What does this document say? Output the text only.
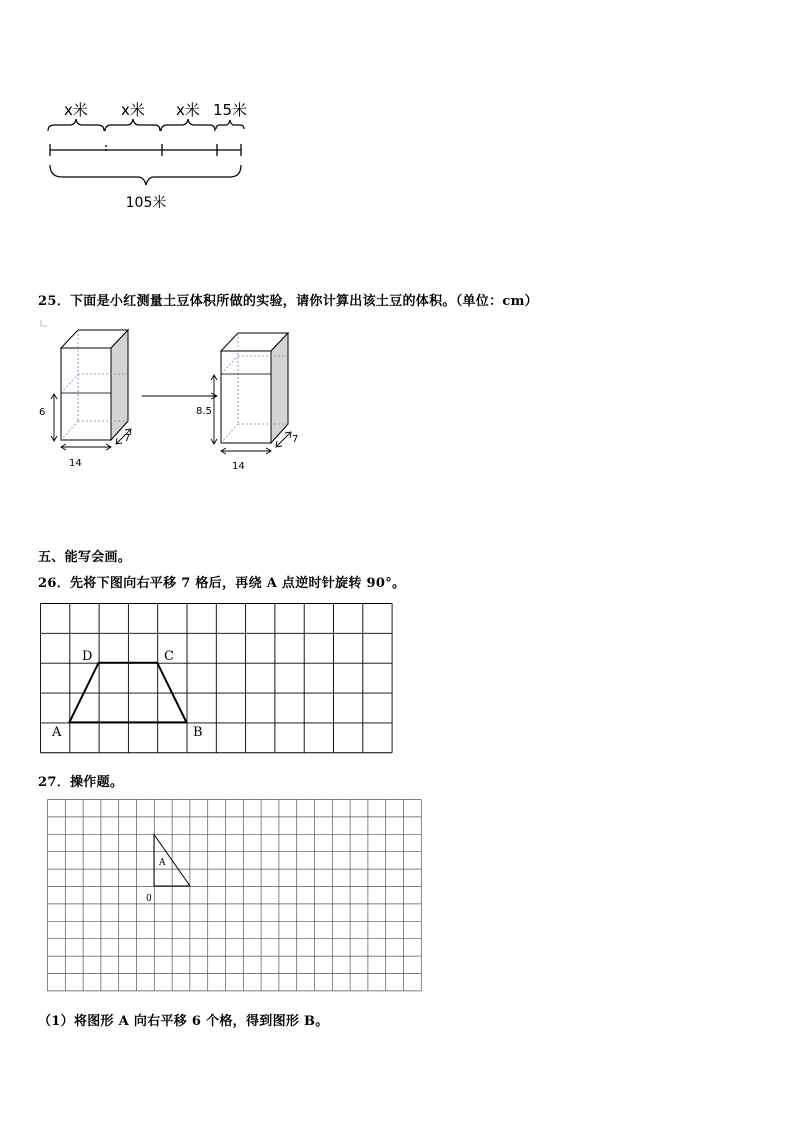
x米 x米 x米 15米
105米
25．下面是小红测量土豆体积所做的实验，请你计算出该土豆的体积。（单位：cm）
6
14
7
8.5
14
7
五、能写会画。
26．先将下图向右平移 7 格后，再绕 A 点逆时针旋转 90°。
D	C
A	B
27．操作题。
A
0
（1）将图形 A 向右平移 6 个格，得到图形 B。
